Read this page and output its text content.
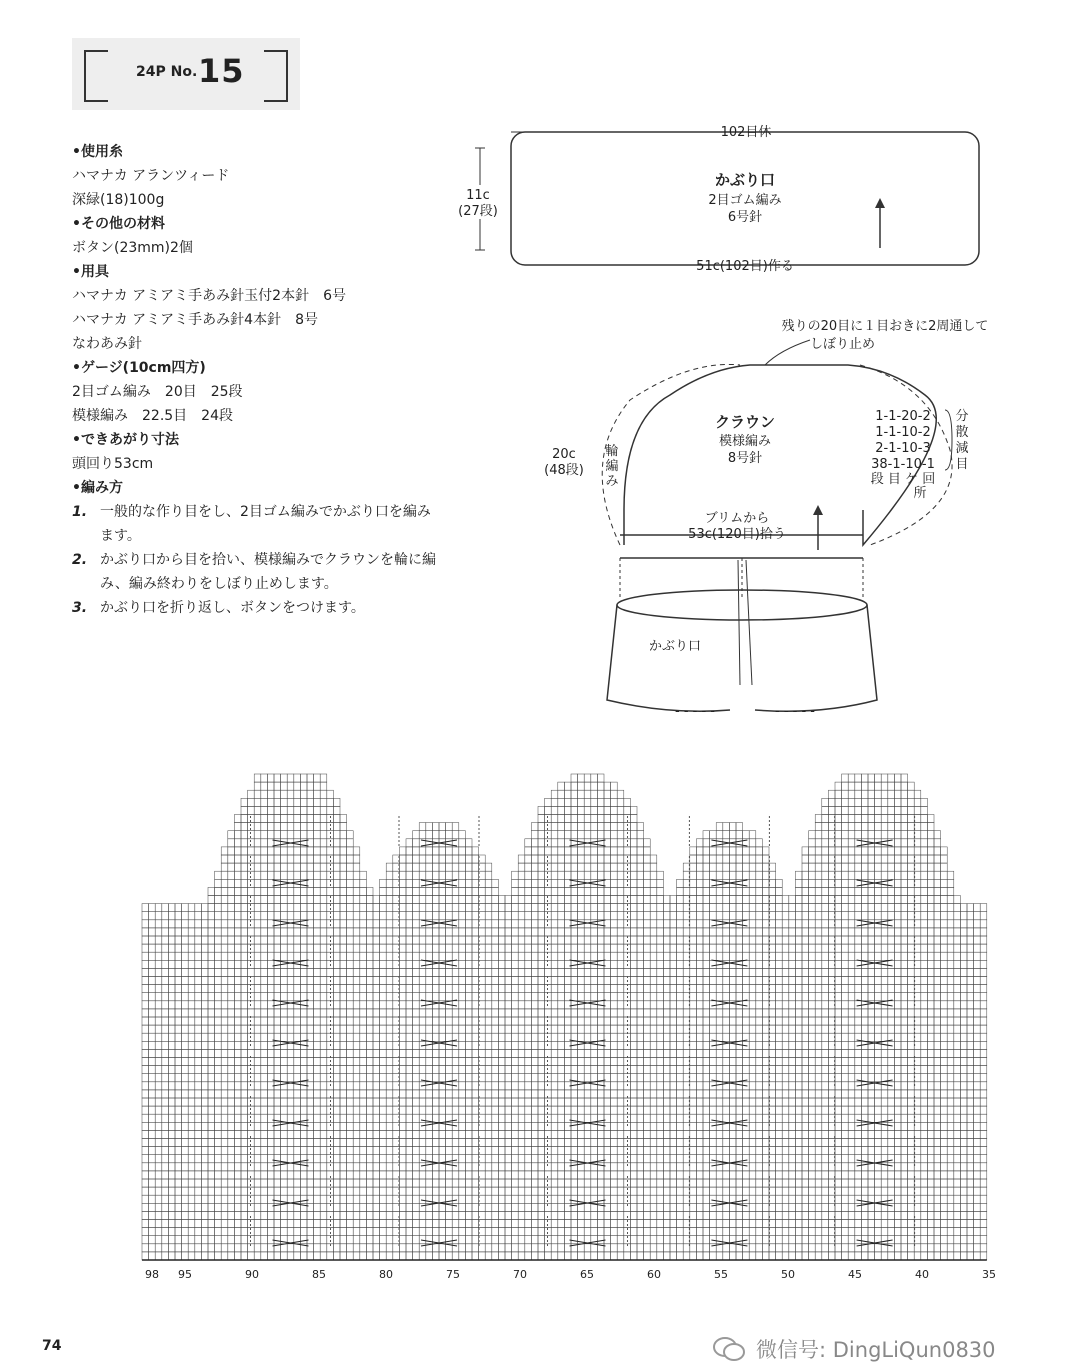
24P No. 15
•使用糸
ハマナカ アランツィード
深緑(18)100g
•その他の材料
ボタン(23mm)2個
•用具
ハマナカ アミアミ手あみ針玉付2本針　6号
ハマナカ アミアミ手あみ針4本針　8号
なわあみ針
•ゲージ(10cm四方)
2目ゴム編み　20目　25段
模様編み　22.5目　24段
•できあがり寸法
頭回り53cm
•編み方
1. 一般的な作り目をし、2目ゴム編みでかぶり口を編みます。
2. かぶり口から目を拾い、模様編みでクラウンを輪に編み、編み終わりをしぼり止めします。
3. かぶり口を折り返し、ボタンをつけます。
102目休
かぶり口
2目ゴム編み
6号針
11c
(27段)
51c(102目)作る
残りの20目に１目おきに2周通して
しぼり止め
クラウン
模様編み
8号針
輪
編
み
20c
(48段)
ブリムから
53c(120目)拾う
1-1-20-2
1-1-10-2
2-1-10-3
38-1-10-1
段 目 ケ 回
所
分
散
減
目
かぶり口
- - - - -	- - - - -
98 95	90	85	80	75	70	65	60	55	50	45	40	35
74	微信号: DingLiQun0830
